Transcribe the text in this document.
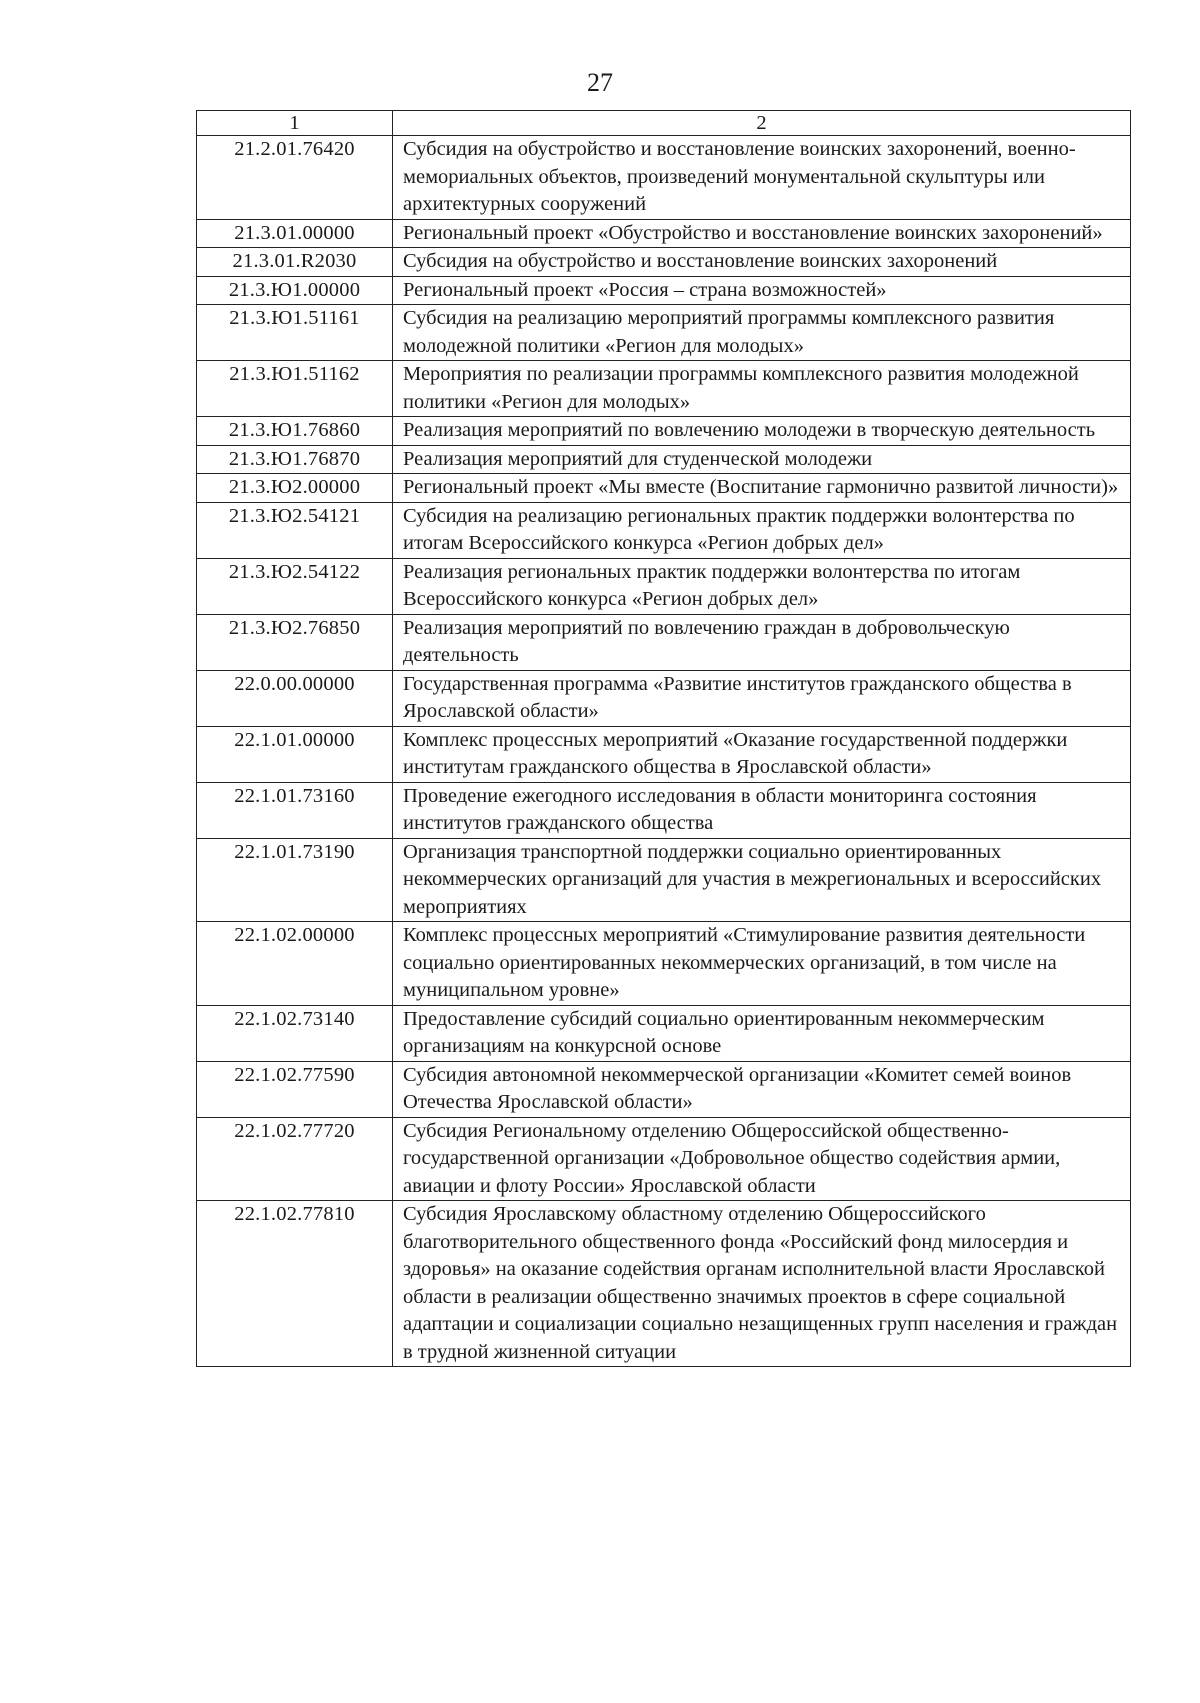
27
1	2
21.2.01.76420	Субсидия на обустройство и восстановление воинских захоронений, военно-мемориальных объектов, произведений монументальной скульптуры или архитектурных сооружений
21.3.01.00000	Региональный проект «Обустройство и восстановление воинских захоронений»
21.3.01.R2030	Субсидия на обустройство и восстановление воинских захоронений
21.3.Ю1.00000	Региональный проект «Россия – страна возможностей»
21.3.Ю1.51161	Субсидия на реализацию мероприятий программы комплексного развития молодежной политики «Регион для молодых»
21.3.Ю1.51162	Мероприятия по реализации программы комплексного развития молодежной политики «Регион для молодых»
21.3.Ю1.76860	Реализация мероприятий по вовлечению молодежи в творческую деятельность
21.3.Ю1.76870	Реализация мероприятий для студенческой молодежи
21.3.Ю2.00000	Региональный проект «Мы вместе (Воспитание гармонично развитой личности)»
21.3.Ю2.54121	Субсидия на реализацию региональных практик поддержки волонтерства по итогам Всероссийского конкурса «Регион добрых дел»
21.3.Ю2.54122	Реализация региональных практик поддержки волонтерства по итогам Всероссийского конкурса «Регион добрых дел»
21.3.Ю2.76850	Реализация мероприятий по вовлечению граждан в добровольческую деятельность
22.0.00.00000	Государственная программа «Развитие институтов гражданского общества в Ярославской области»
22.1.01.00000	Комплекс процессных мероприятий «Оказание государственной поддержки институтам гражданского общества в Ярославской области»
22.1.01.73160	Проведение ежегодного исследования в области мониторинга состояния институтов гражданского общества
22.1.01.73190	Организация транспортной поддержки социально ориентированных некоммерческих организаций для участия в межрегиональных и всероссийских мероприятиях
22.1.02.00000	Комплекс процессных мероприятий «Стимулирование развития деятельности социально ориентированных некоммерческих организаций, в том числе на муниципальном уровне»
22.1.02.73140	Предоставление субсидий социально ориентированным некоммерческим организациям на конкурсной основе
22.1.02.77590	Субсидия автономной некоммерческой организации «Комитет семей воинов Отечества Ярославской области»
22.1.02.77720	Субсидия Региональному отделению Общероссийской общественно-государственной организации «Добровольное общество содействия армии, авиации и флоту России» Ярославской области
22.1.02.77810	Субсидия Ярославскому областному отделению Общероссийского благотворительного общественного фонда «Российский фонд милосердия и здоровья» на оказание содействия органам исполнительной власти Ярославской области в реализации общественно значимых проектов в сфере социальной адаптации и социализации социально незащищенных групп населения и граждан в трудной жизненной ситуации
